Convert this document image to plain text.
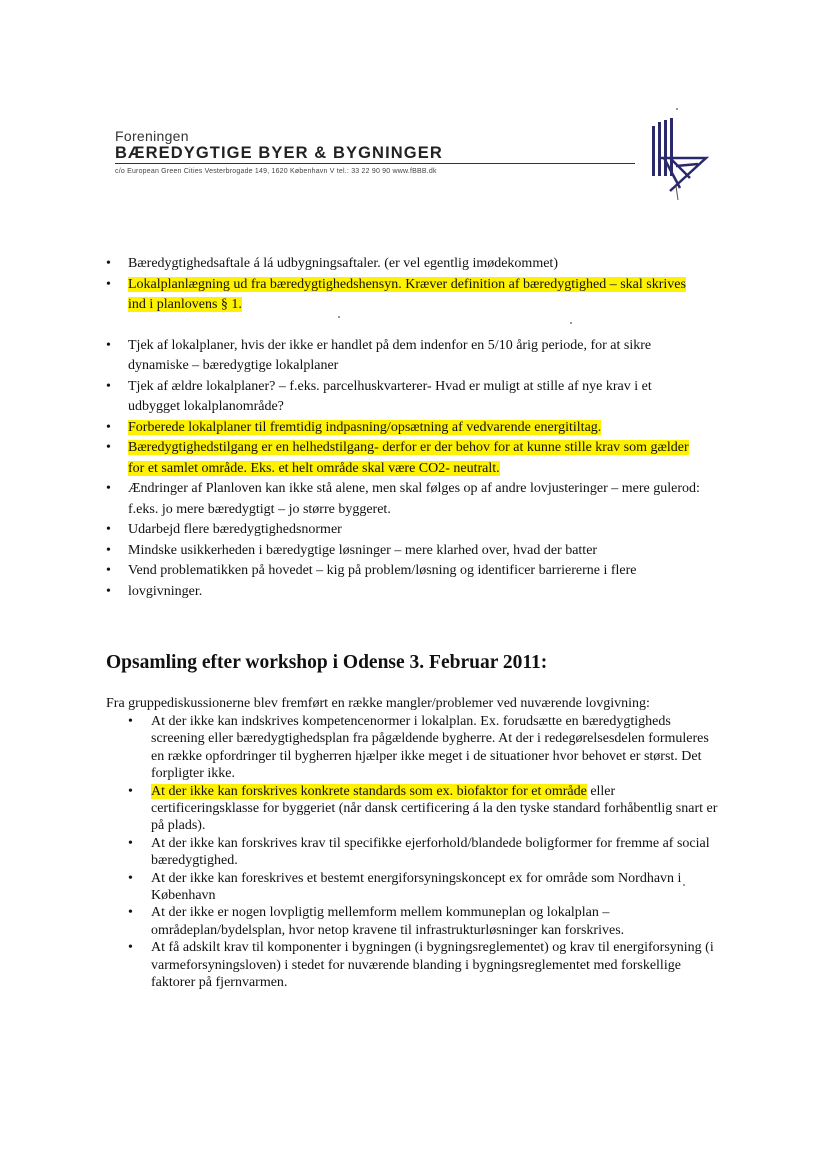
Foreningen
BÆREDYGTIGE BYER & BYGNINGER
c/o European Green Cities Vesterbrogade 149, 1620 København V tel.: 33 22 90 90 www.fBBB.dk
•	Bæredygtighedsaftale á lá udbygningsaftaler. (er vel egentlig imødekommet)
•	Lokalplanlægning ud fra bæredygtighedshensyn. Kræver definition af bæredygtighed – skal skrives ind i planlovens § 1.
•	Tjek af lokalplaner, hvis der ikke er handlet på dem indenfor en 5/10 årig periode, for at sikre dynamiske – bæredygtige lokalplaner
•	Tjek af ældre lokalplaner? – f.eks. parcelhuskvarterer- Hvad er muligt at stille af nye krav i et udbygget lokalplanområde?
•	Forberede lokalplaner til fremtidig indpasning/opsætning af vedvarende energitiltag.
•	Bæredygtighedstilgang er en helhedstilgang- derfor er der behov for at kunne stille krav som gælder for et samlet område. Eks. et helt område skal være CO2- neutralt.
•	Ændringer af Planloven kan ikke stå alene, men skal følges op af andre lovjusteringer – mere gulerod: f.eks. jo mere bæredygtigt – jo større byggeret.
•	Udarbejd flere bæredygtighedsnormer
•	Mindske usikkerheden i bæredygtige løsninger – mere klarhed over, hvad der batter
•	Vend problematikken på hovedet – kig på problem/løsning og identificer barriererne i flere
•	lovgivninger.
Opsamling efter workshop i Odense 3. Februar 2011:
Fra gruppediskussionerne blev fremført en række mangler/problemer ved nuværende lovgivning:
•	At der ikke kan indskrives kompetencenormer i lokalplan. Ex. forudsætte en bæredygtigheds screening eller bæredygtighedsplan fra pågældende bygherre. At der i redegørelsesdelen formuleres en række opfordringer til bygherren hjælper ikke meget i de situationer hvor behovet er størst. Det forpligter ikke.
•	At der ikke kan forskrives konkrete standards som ex. biofaktor for et område eller certificeringsklasse for byggeriet (når dansk certificering á la den tyske standard forhåbentlig snart er på plads).
•	At der ikke kan forskrives krav til specifikke ejerforhold/blandede boligformer for fremme af social bæredygtighed.
•	At der ikke kan foreskrives et bestemt energiforsyningskoncept ex for område som Nordhavn i København
•	At der ikke er nogen lovpligtig mellemform mellem kommuneplan og lokalplan – områdeplan/bydelsplan, hvor netop kravene til infrastrukturløsninger kan forskrives.
•	At få adskilt krav til komponenter i bygningen (i bygningsreglementet) og krav til energiforsyning (i varmeforsyningsloven) i stedet for nuværende blanding i bygningsreglementet med forskellige faktorer på fjernvarmen.
